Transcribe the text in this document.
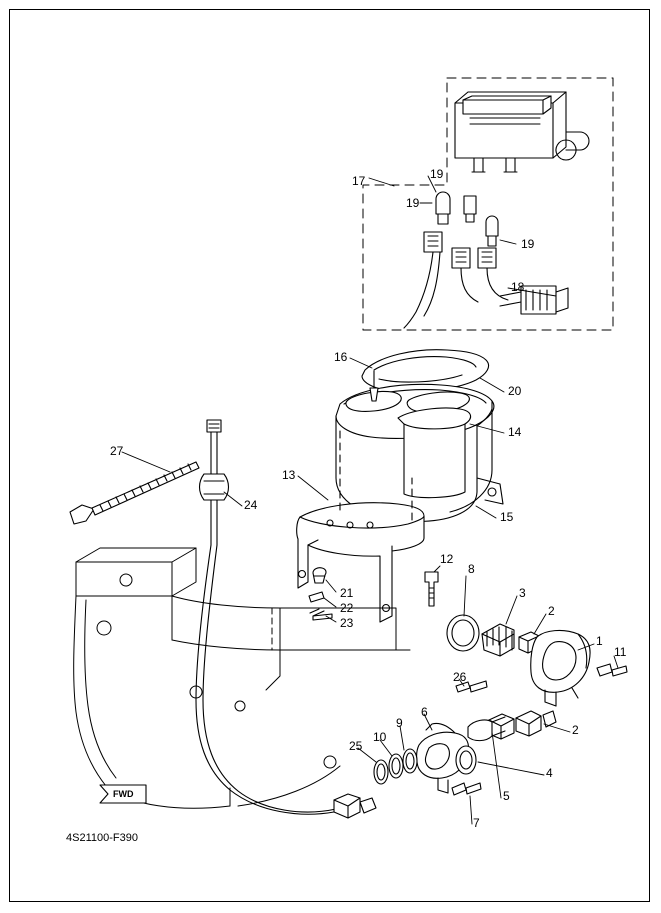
17	19
19
19
18
16
20
14
27
13
24
15
12
8
21	3
22	2
23
1
11
26
6
9	2
25
10
4
5
7
FWD
4S21100-F390
